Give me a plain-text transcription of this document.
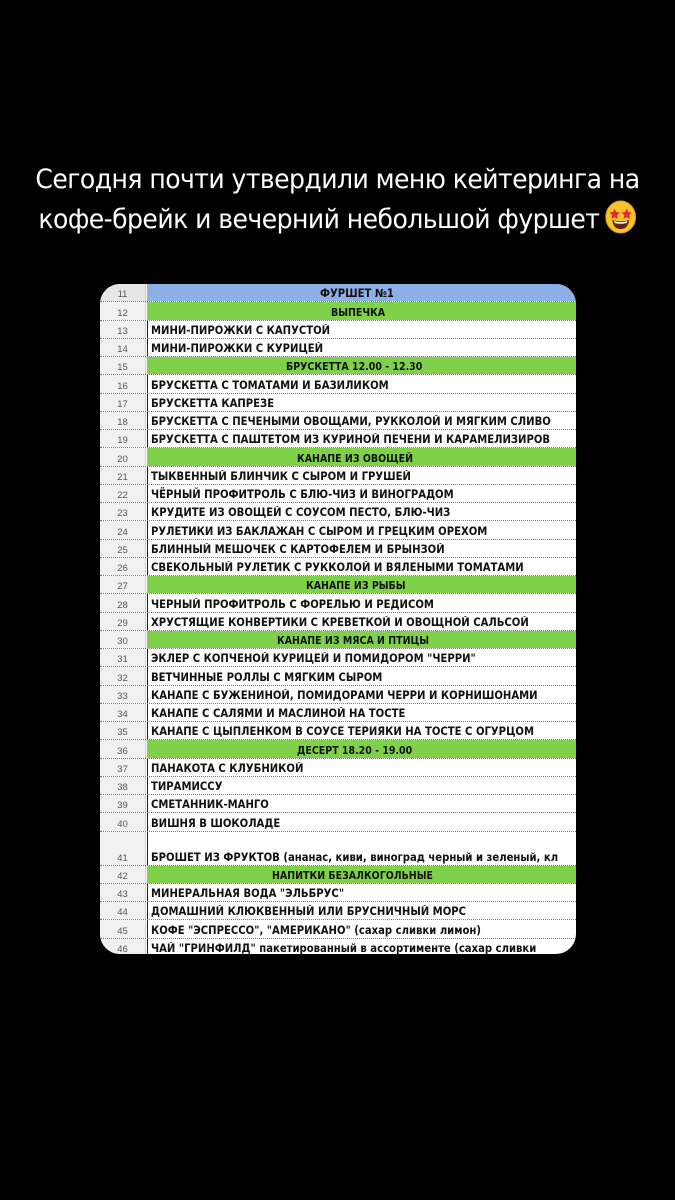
Сегодня почти утвердили меню кейтеринга на кофе-брейк и вечерний небольшой фуршет
11	ФУРШЕТ №1
12	ВЫПЕЧКА
13	МИНИ-ПИРОЖКИ С КАПУСТОЙ
14	МИНИ-ПИРОЖКИ С КУРИЦЕЙ
15	БРУСКЕТТА 12.00 - 12.30
16	БРУСКЕТТА С ТОМАТАМИ И БАЗИЛИКОМ
17	БРУСКЕТТА КАПРЕЗЕ
18	БРУСКЕТТА С ПЕЧЕНЫМИ ОВОЩАМИ, РУККОЛОЙ И МЯГКИМ СЛИВО
19	БРУСКЕТТА С ПАШТЕТОМ ИЗ КУРИНОЙ ПЕЧЕНИ И КАРАМЕЛИЗИРОВ
20	КАНАПЕ ИЗ ОВОЩЕЙ
21	ТЫКВЕННЫЙ БЛИНЧИК С СЫРОМ И ГРУШЕЙ
22	ЧЁРНЫЙ ПРОФИТРОЛЬ С БЛЮ-ЧИЗ И ВИНОГРАДОМ
23	КРУДИТЕ ИЗ ОВОЩЕЙ С СОУСОМ ПЕСТО, БЛЮ-ЧИЗ
24	РУЛЕТИКИ ИЗ БАКЛАЖАН С СЫРОМ И ГРЕЦКИМ ОРЕХОМ
25	БЛИННЫЙ МЕШОЧЕК С КАРТОФЕЛЕМ И БРЫНЗОЙ
26	СВЕКОЛЬНЫЙ РУЛЕТИК С РУККОЛОЙ И ВЯЛЕНЫМИ ТОМАТАМИ
27	КАНАПЕ ИЗ РЫБЫ
28	ЧЕРНЫЙ ПРОФИТРОЛЬ С ФОРЕЛЬЮ И РЕДИСОМ
29	ХРУСТЯЩИЕ КОНВЕРТИКИ С КРЕВЕТКОЙ И ОВОЩНОЙ САЛЬСОЙ
30	КАНАПЕ ИЗ МЯСА И ПТИЦЫ
31	ЭКЛЕР С КОПЧЕНОЙ КУРИЦЕЙ И ПОМИДОРОМ "ЧЕРРИ"
32	ВЕТЧИННЫЕ РОЛЛЫ С МЯГКИМ СЫРОМ
33	КАНАПЕ С БУЖЕНИНОЙ, ПОМИДОРАМИ ЧЕРРИ И КОРНИШОНАМИ
34	КАНАПЕ С САЛЯМИ И МАСЛИНОЙ НА ТОСТЕ
35	КАНАПЕ С ЦЫПЛЕНКОМ В СОУСЕ ТЕРИЯКИ НА ТОСТЕ С ОГУРЦОМ
36	ДЕСЕРТ 18.20 - 19.00
37	ПАНАКОТА С КЛУБНИКОЙ
38	ТИРАМИССУ
39	СМЕТАННИК-МАНГО
40	ВИШНЯ В ШОКОЛАДЕ
41	БРОШЕТ ИЗ ФРУКТОВ (ананас, киви, виноград черный и зеленый, кл
42	НАПИТКИ БЕЗАЛКОГОЛЬНЫЕ
43	МИНЕРАЛЬНАЯ ВОДА "ЭЛЬБРУС"
44	ДОМАШНИЙ КЛЮКВЕННЫЙ ИЛИ БРУСНИЧНЫЙ МОРС
45	КОФЕ "ЭСПРЕССО", "АМЕРИКАНО" (сахар сливки лимон)
46	ЧАЙ "ГРИНФИЛД" пакетированный в ассортименте (сахар сливки
